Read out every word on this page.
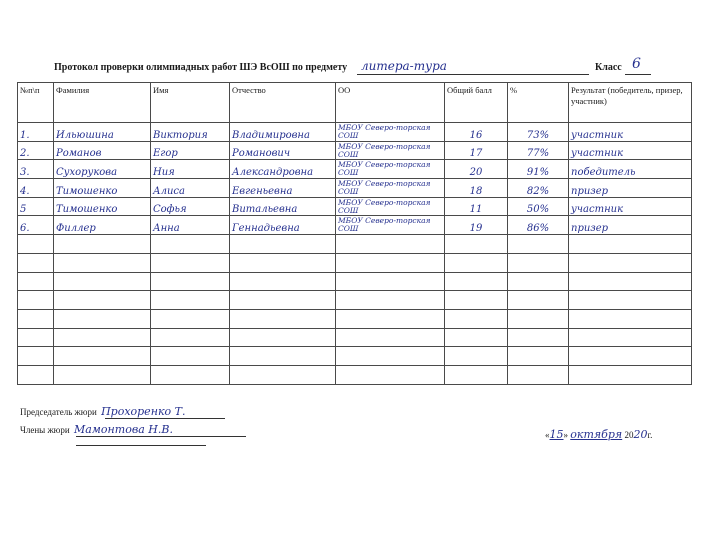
Протокол проверки олимпиадных работ ШЭ ВсОШ по предмету литера-тура	Класс 6
№п\п	Фамилия	Имя	Отчество	ОО	Общий балл	%	Результат (победитель, призер, участник)
1.	Ильюшина	Виктория	Владимировна	МБОУ Северо-торская СОШ	16	73%	участник
2.	Романов	Егор	Романович	МБОУ Северо-торская СОШ	17	77%	участник
3.	Сухорукова	Ния	Александровна	МБОУ Северо-торская СОШ	20	91%	победитель
4.	Тимошенко	Алиса	Евгеньевна	МБОУ Северо-торская СОШ	18	82%	призер
5	Тимошенко	Софья	Витальевна	МБОУ Северо-торская СОШ	11	50%	участник
6.	Филлер	Анна	Геннадьевна	МБОУ Северо-торская СОШ	19	86%	призер

Председатель жюри Прохоренко Т.
Члены жюри Мамонтова Н.В.	«15» октября 2020г.
